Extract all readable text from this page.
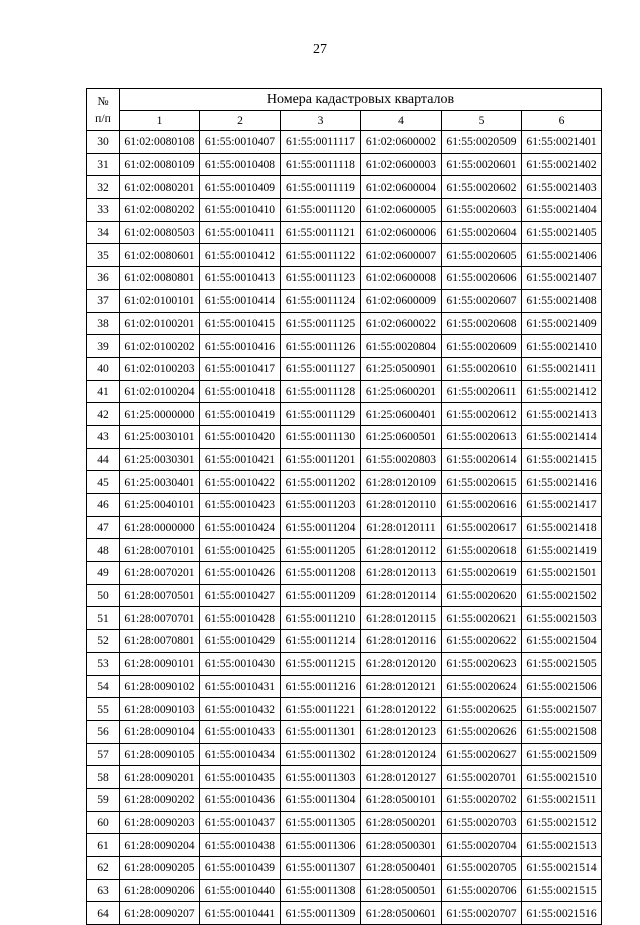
27
№
п/п	Номера кадастровых кварталов					
	1	2	3	4	5	6
30	61:02:0080108	61:55:0010407	61:55:0011117	61:02:0600002	61:55:0020509	61:55:0021401
31	61:02:0080109	61:55:0010408	61:55:0011118	61:02:0600003	61:55:0020601	61:55:0021402
32	61:02:0080201	61:55:0010409	61:55:0011119	61:02:0600004	61:55:0020602	61:55:0021403
33	61:02:0080202	61:55:0010410	61:55:0011120	61:02:0600005	61:55:0020603	61:55:0021404
34	61:02:0080503	61:55:0010411	61:55:0011121	61:02:0600006	61:55:0020604	61:55:0021405
35	61:02:0080601	61:55:0010412	61:55:0011122	61:02:0600007	61:55:0020605	61:55:0021406
36	61:02:0080801	61:55:0010413	61:55:0011123	61:02:0600008	61:55:0020606	61:55:0021407
37	61:02:0100101	61:55:0010414	61:55:0011124	61:02:0600009	61:55:0020607	61:55:0021408
38	61:02:0100201	61:55:0010415	61:55:0011125	61:02:0600022	61:55:0020608	61:55:0021409
39	61:02:0100202	61:55:0010416	61:55:0011126	61:55:0020804	61:55:0020609	61:55:0021410
40	61:02:0100203	61:55:0010417	61:55:0011127	61:25:0500901	61:55:0020610	61:55:0021411
41	61:02:0100204	61:55:0010418	61:55:0011128	61:25:0600201	61:55:0020611	61:55:0021412
42	61:25:0000000	61:55:0010419	61:55:0011129	61:25:0600401	61:55:0020612	61:55:0021413
43	61:25:0030101	61:55:0010420	61:55:0011130	61:25:0600501	61:55:0020613	61:55:0021414
44	61:25:0030301	61:55:0010421	61:55:0011201	61:55:0020803	61:55:0020614	61:55:0021415
45	61:25:0030401	61:55:0010422	61:55:0011202	61:28:0120109	61:55:0020615	61:55:0021416
46	61:25:0040101	61:55:0010423	61:55:0011203	61:28:0120110	61:55:0020616	61:55:0021417
47	61:28:0000000	61:55:0010424	61:55:0011204	61:28:0120111	61:55:0020617	61:55:0021418
48	61:28:0070101	61:55:0010425	61:55:0011205	61:28:0120112	61:55:0020618	61:55:0021419
49	61:28:0070201	61:55:0010426	61:55:0011208	61:28:0120113	61:55:0020619	61:55:0021501
50	61:28:0070501	61:55:0010427	61:55:0011209	61:28:0120114	61:55:0020620	61:55:0021502
51	61:28:0070701	61:55:0010428	61:55:0011210	61:28:0120115	61:55:0020621	61:55:0021503
52	61:28:0070801	61:55:0010429	61:55:0011214	61:28:0120116	61:55:0020622	61:55:0021504
53	61:28:0090101	61:55:0010430	61:55:0011215	61:28:0120120	61:55:0020623	61:55:0021505
54	61:28:0090102	61:55:0010431	61:55:0011216	61:28:0120121	61:55:0020624	61:55:0021506
55	61:28:0090103	61:55:0010432	61:55:0011221	61:28:0120122	61:55:0020625	61:55:0021507
56	61:28:0090104	61:55:0010433	61:55:0011301	61:28:0120123	61:55:0020626	61:55:0021508
57	61:28:0090105	61:55:0010434	61:55:0011302	61:28:0120124	61:55:0020627	61:55:0021509
58	61:28:0090201	61:55:0010435	61:55:0011303	61:28:0120127	61:55:0020701	61:55:0021510
59	61:28:0090202	61:55:0010436	61:55:0011304	61:28:0500101	61:55:0020702	61:55:0021511
60	61:28:0090203	61:55:0010437	61:55:0011305	61:28:0500201	61:55:0020703	61:55:0021512
61	61:28:0090204	61:55:0010438	61:55:0011306	61:28:0500301	61:55:0020704	61:55:0021513
62	61:28:0090205	61:55:0010439	61:55:0011307	61:28:0500401	61:55:0020705	61:55:0021514
63	61:28:0090206	61:55:0010440	61:55:0011308	61:28:0500501	61:55:0020706	61:55:0021515
64	61:28:0090207	61:55:0010441	61:55:0011309	61:28:0500601	61:55:0020707	61:55:0021516
